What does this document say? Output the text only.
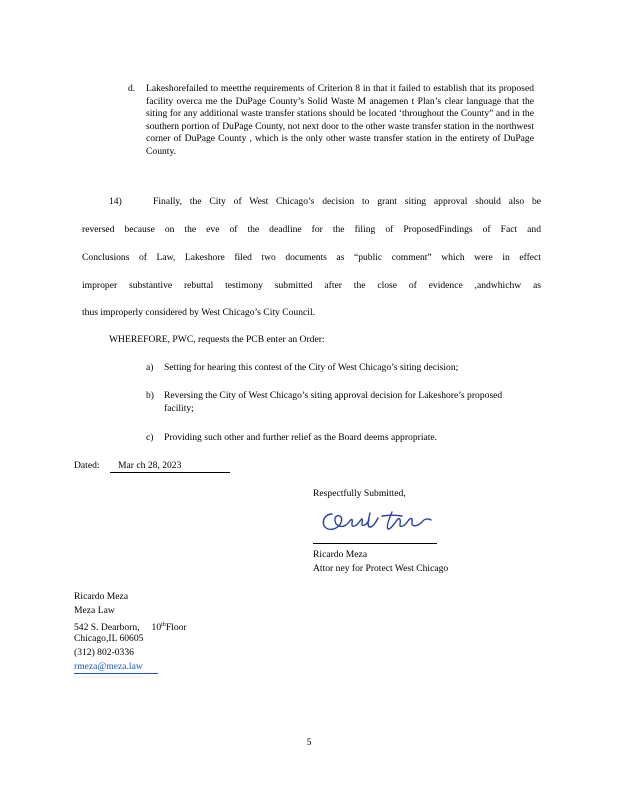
d. Lakeshorefailed to meetthe requirements of Criterion 8 in that it failed to establish that its proposed facility overca me the DuPage County’s Solid Waste M anagemen t Plan’s clear language that the siting for any additional waste transfer stations should be located ‘throughout the County” and in the southern portion of DuPage County, not next door to the other waste transfer station in the northwest corner of DuPage County , which is the only other waste transfer station in the entirety of DuPage County.
14)	Finally, the City of West Chicago’s decision to grant siting approval should also be
reversed because on the eve of the deadline for the filing of ProposedFindings of Fact and
Conclusions of Law, Lakeshore filed two documents as “public comment” which were in effect
improper substantive rebuttal testimony submitted after the close of evidence ,andwhichw as
thus improperly considered by West Chicago’s City Council.
WHEREFORE, PWC, requests the PCB enter an Order:
a)	Setting for hearing this contest of the City of West Chicago’s siting decision;
b)	Reversing the City of West Chicago’s siting approval decision for Lakeshore’s proposed facility;
c)	Providing such other and further relief as the Board deems appropriate.
Dated: Mar ch 28, 2023
Respectfully Submitted,
Ricardo Meza
Ricardo Meza
Attor ney for Protect West Chicago
Ricardo Meza
Meza Law
542 S. Dearborn, 10thFloor
Chicago,IL 60605
(312) 802-0336
rmeza@meza.law
5
